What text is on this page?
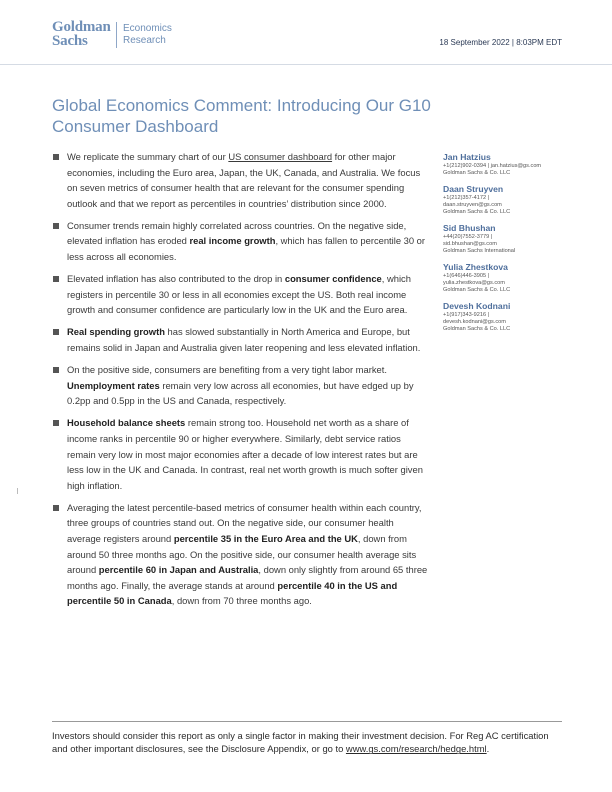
Goldman
Sachs
Economics
Research	18 September 2022 | 8:03PM EDT
Global Economics Comment: Introducing Our G10 Consumer Dashboard
We replicate the summary chart of our US consumer dashboard for other major economies, including the Euro area, Japan, the UK, Canada, and Australia. We focus on seven metrics of consumer health that are relevant for the consumer spending outlook and that we report as percentiles in countries’ distribution since 2000.
Consumer trends remain highly correlated across countries. On the negative side, elevated inflation has eroded real income growth, which has fallen to percentile 30 or less across all economies.
Elevated inflation has also contributed to the drop in consumer confidence, which registers in percentile 30 or less in all economies except the US. Both real income growth and consumer confidence are particularly low in the UK and the Euro area.
Real spending growth has slowed substantially in North America and Europe, but remains solid in Japan and Australia given later reopening and less elevated inflation.
On the positive side, consumers are benefiting from a very tight labor market. Unemployment rates remain very low across all economies, but have edged up by 0.2pp and 0.5pp in the US and Canada, respectively.
Household balance sheets remain strong too. Household net worth as a share of income ranks in percentile 90 or higher everywhere. Similarly, debt service ratios remain very low in most major economies after a decade of low interest rates but are less low in the UK and Canada. In contrast, real net worth growth is much softer given high inflation.
Averaging the latest percentile-based metrics of consumer health within each country, three groups of countries stand out. On the negative side, our consumer health average registers around percentile 35 in the Euro Area and the UK, down from around 50 three months ago. On the positive side, our consumer health average sits around percentile 60 in Japan and Australia, down only slightly from around 65 three months ago. Finally, the average stands at around percentile 40 in the US and percentile 50 in Canada, down from 70 three months ago.
Jan Hatzius
+1(212)902-0394 | jan.hatzius@gs.com
Goldman Sachs & Co. LLC
Daan Struyven
+1(212)357-4172 |
daan.struyven@gs.com
Goldman Sachs & Co. LLC
Sid Bhushan
+44(20)7552-3779 |
sid.bhushan@gs.com
Goldman Sachs International
Yulia Zhestkova
+1(646)446-3905 |
yulia.zhestkova@gs.com
Goldman Sachs & Co. LLC
Devesh Kodnani
+1(917)343-9216 |
devesh.kodnani@gs.com
Goldman Sachs & Co. LLC
Investors should consider this report as only a single factor in making their investment decision. For Reg AC certification and other important disclosures, see the Disclosure Appendix, or go to www.gs.com/research/hedge.html.
